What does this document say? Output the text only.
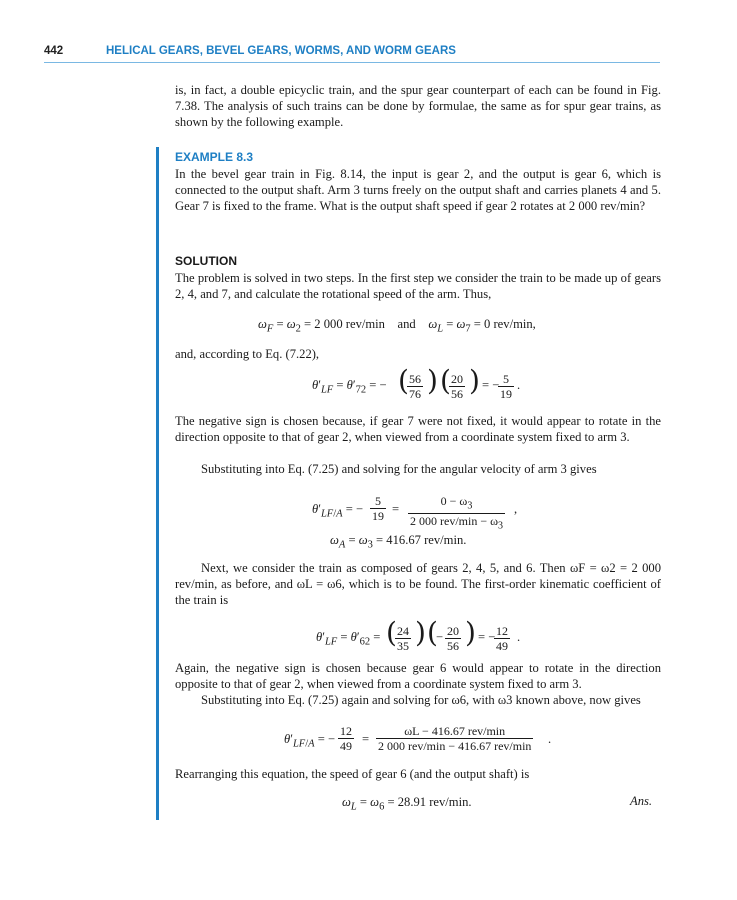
442	HELICAL GEARS, BEVEL GEARS, WORMS, AND WORM GEARS
is, in fact, a double epicyclic train, and the spur gear counterpart of each can be found in Fig. 7.38. The analysis of such trains can be done by formulae, the same as for spur gear trains, as shown by the following example.
EXAMPLE 8.3
In the bevel gear train in Fig. 8.14, the input is gear 2, and the output is gear 6, which is connected to the output shaft. Arm 3 turns freely on the output shaft and carries planets 4 and 5. Gear 7 is fixed to the frame. What is the output shaft speed if gear 2 rotates at 2 000 rev/min?
SOLUTION
The problem is solved in two steps. In the first step we consider the train to be made up of gears 2, 4, and 7, and calculate the rotational speed of the arm. Thus,
$\omega_F = \omega_2 = 2$ 000 rev/min and $\omega_L = \omega_7 = 0$ rev/min,
and, according to Eq. (7.22),
$\theta'_{LF} = \theta'_{72}$ = − (
$\frac{56}{76}$ ) (
$\frac{20}{56}$ ) = −
$\frac{5}{19}$ .
The negative sign is chosen because, if gear 7 were not fixed, it would appear to rotate in the direction opposite to that of gear 2, when viewed from a coordinate system fixed to arm 3.
Substituting into Eq. (7.25) and solving for the angular velocity of arm 3 gives
$\theta'_{LF/A}$ = − $\frac{5}{19}$ =
$0 - \omega_3$
2 000 $rev/\min - \omega_3$
,
$\omega_A = \omega_3 = 416.67$ rev/min.
Next, we consider the train as composed of gears 2, 4, 5, and 6. Then ωF = ω2 = 2 000 rev/min, as before, and ωL = ω6, which is to be found. The first-order kinematic coefficient of the train is
$\theta'_{LF} = \theta'_{62}$ = (
$\frac{24}{35}$ ) (
− $\frac{20}{56}$ ) = −
$\frac{12}{49}$ .
Again, the negative sign is chosen because gear 6 would appear to rotate in the direction opposite to that of gear 2, when viewed from a coordinate system fixed to arm 3.
Substituting into Eq. (7.25) again and solving for ω6, with ω3 known above, now gives
$\theta'_{LF/A}$ = − $\frac{12}{49}$ =
ωL − 416.67 rev/min
2 000 rev/min − 416.67 rev/min .
Rearranging this equation, the speed of gear 6 (and the output shaft) is
$\omega_L = \omega_6 = 28.91$ rev/min.	Ans.
